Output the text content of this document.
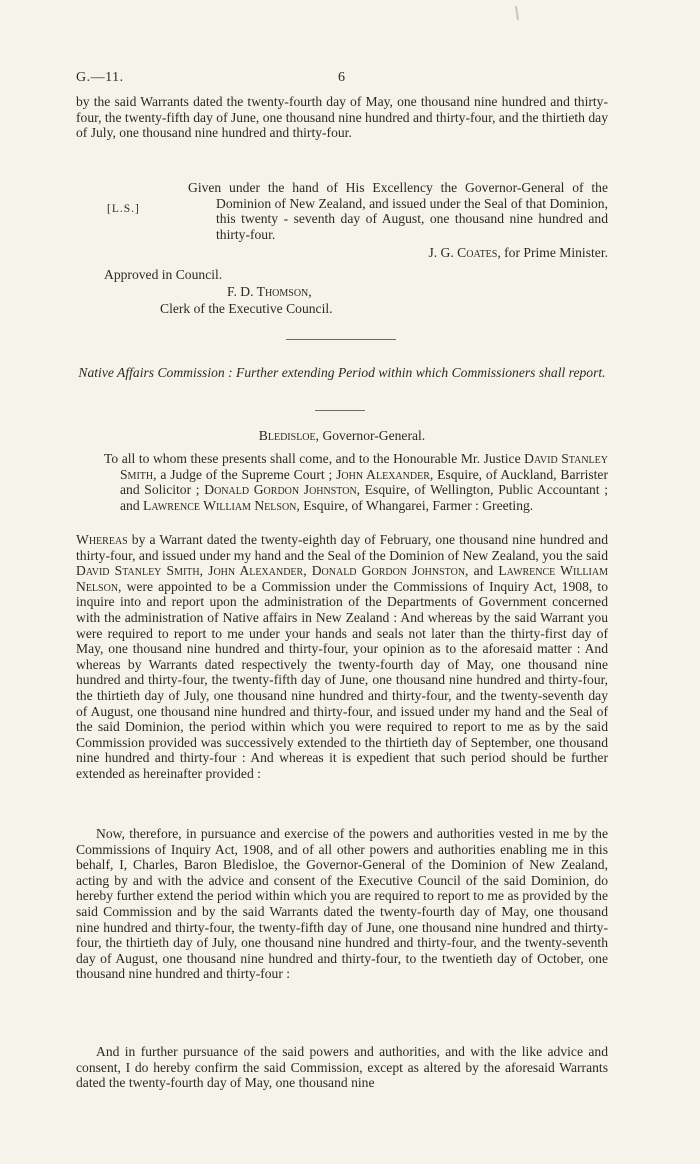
G.—11.	6

by the said Warrants dated the twenty-fourth day of May, one thousand nine hundred and thirty-four, the twenty-fifth day of June, one thousand nine hundred and thirty-four, and the thirtieth day of July, one thousand nine hundred and thirty-four.

[L.S.]

Given under the hand of His Excellency the Governor-General of the Dominion of New Zealand, and issued under the Seal of that Dominion, this twenty - seventh day of August, one thousand nine hundred and thirty-four.

J. G. Coates, for Prime Minister.

Approved in Council.

F. D. Thomson,

Clerk of the Executive Council.

Native Affairs Commission : Further extending Period within which Commissioners shall report.

Bledisloe, Governor-General.

To all to whom these presents shall come, and to the Honourable Mr. Justice David Stanley Smith, a Judge of the Supreme Court ; John Alexander, Esquire, of Auckland, Barrister and Solicitor ; Donald Gordon Johnston, Esquire, of Wellington, Public Accountant ; and Lawrence William Nelson, Esquire, of Whangarei, Farmer : Greeting.

Whereas by a Warrant dated the twenty-eighth day of February, one thousand nine hundred and thirty-four, and issued under my hand and the Seal of the Dominion of New Zealand, you the said David Stanley Smith, John Alexander, Donald Gordon Johnston, and Lawrence William Nelson, were appointed to be a Commission under the Commissions of Inquiry Act, 1908, to inquire into and report upon the administration of the Departments of Government concerned with the administration of Native affairs in New Zealand : And whereas by the said Warrant you were required to report to me under your hands and seals not later than the thirty-first day of May, one thousand nine hundred and thirty-four, your opinion as to the aforesaid matter : And whereas by Warrants dated respectively the twenty-fourth day of May, one thousand nine hundred and thirty-four, the twenty-fifth day of June, one thousand nine hundred and thirty-four, the thirtieth day of July, one thousand nine hundred and thirty-four, and the twenty-seventh day of August, one thousand nine hundred and thirty-four, and issued under my hand and the Seal of the said Dominion, the period within which you were required to report to me as by the said Commission provided was successively extended to the thirtieth day of September, one thousand nine hundred and thirty-four : And whereas it is expedient that such period should be further extended as hereinafter provided :

Now, therefore, in pursuance and exercise of the powers and authorities vested in me by the Commissions of Inquiry Act, 1908, and of all other powers and authorities enabling me in this behalf, I, Charles, Baron Bledisloe, the Governor-General of the Dominion of New Zealand, acting by and with the advice and consent of the Executive Council of the said Dominion, do hereby further extend the period within which you are required to report to me as provided by the said Commission and by the said Warrants dated the twenty-fourth day of May, one thousand nine hundred and thirty-four, the twenty-fifth day of June, one thousand nine hundred and thirty-four, the thirtieth day of July, one thousand nine hundred and thirty-four, and the twenty-seventh day of August, one thousand nine hundred and thirty-four, to the twentieth day of October, one thousand nine hundred and thirty-four :

And in further pursuance of the said powers and authorities, and with the like advice and consent, I do hereby confirm the said Commission, except as altered by the aforesaid Warrants dated the twenty-fourth day of May, one thousand nine
